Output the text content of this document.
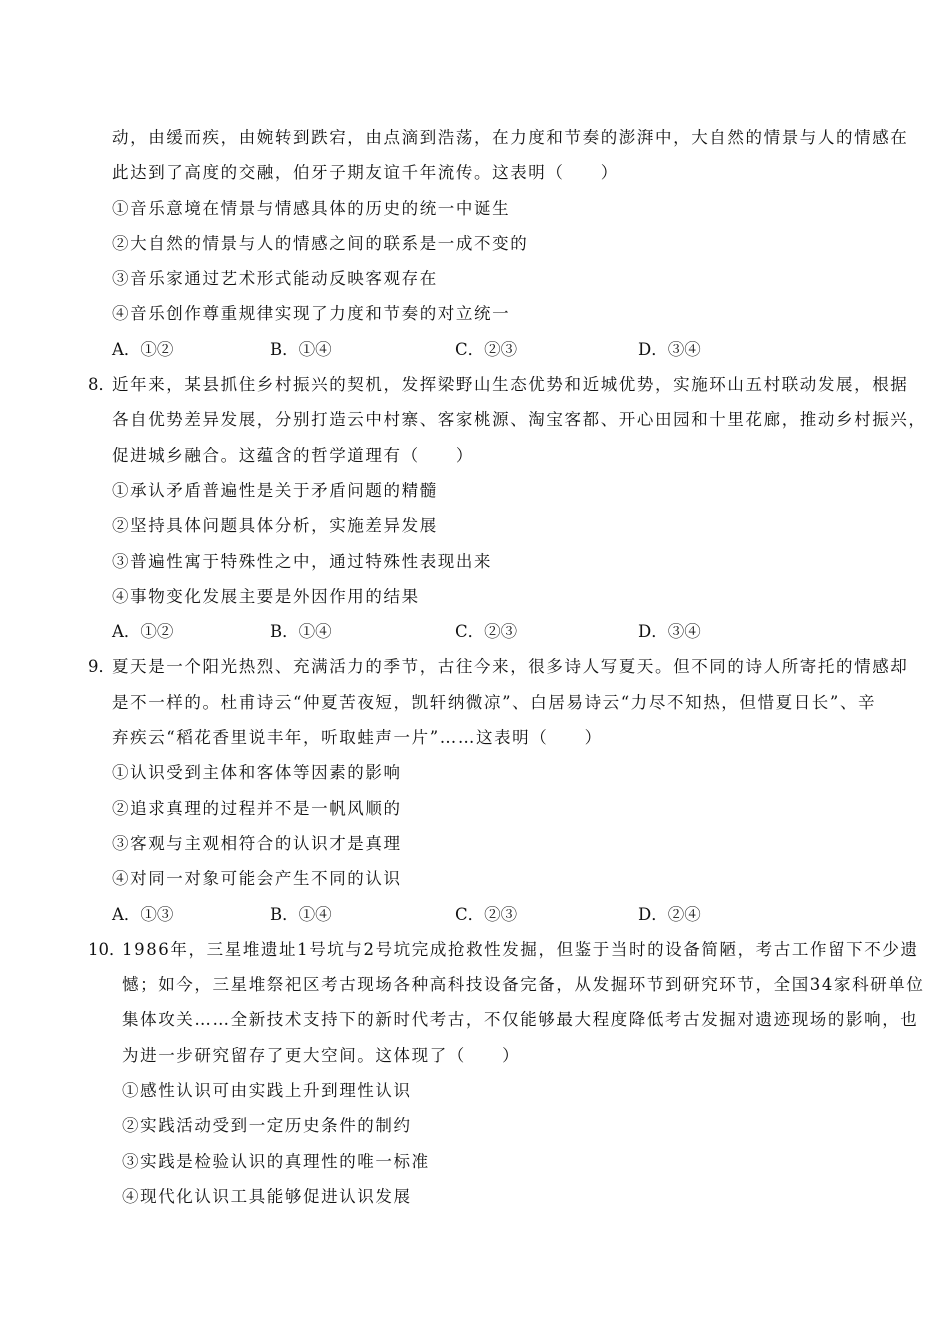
动，由缓而疾，由婉转到跌宕，由点滴到浩荡，在力度和节奏的澎湃中，大自然的情景与人的情感在
此达到了高度的交融，伯牙子期友谊千年流传。这表明（　　）
①音乐意境在情景与情感具体的历史的统一中诞生
②大自然的情景与人的情感之间的联系是一成不变的
③音乐家通过艺术形式能动反映客观存在
④音乐创作尊重规律实现了力度和节奏的对立统一
A．①②	B．①④	C．②③	D．③④
8．
近年来，某县抓住乡村振兴的契机，发挥梁野山生态优势和近城优势，实施环山五村联动发展，根据
各自优势差异发展，分别打造云中村寨、客家桃源、淘宝客都、开心田园和十里花廊，推动乡村振兴，
促进城乡融合。这蕴含的哲学道理有（　　）
①承认矛盾普遍性是关于矛盾问题的精髓
②坚持具体问题具体分析，实施差异发展
③普遍性寓于特殊性之中，通过特殊性表现出来
④事物变化发展主要是外因作用的结果
A．①②	B．①④	C．②③	D．③④
9．
夏天是一个阳光热烈、充满活力的季节，古往今来，很多诗人写夏天。但不同的诗人所寄托的情感却
是不一样的。杜甫诗云“仲夏苦夜短，凯轩纳微凉”、白居易诗云“力尽不知热，但惜夏日长”、辛
弃疾云“稻花香里说丰年，听取蛙声一片”……这表明（　　）
①认识受到主体和客体等因素的影响
②追求真理的过程并不是一帆风顺的
③客观与主观相符合的认识才是真理
④对同一对象可能会产生不同的认识
A．①③	B．①④	C．②③	D．②④
10．
1986年，三星堆遗址1号坑与2号坑完成抢救性发掘，但鉴于当时的设备简陋，考古工作留下不少遗
憾；如今，三星堆祭祀区考古现场各种高科技设备完备，从发掘环节到研究环节，全国34家科研单位
集体攻关……全新技术支持下的新时代考古，不仅能够最大程度降低考古发掘对遗迹现场的影响，也
为进一步研究留存了更大空间。这体现了（　　）
①感性认识可由实践上升到理性认识
②实践活动受到一定历史条件的制约
③实践是检验认识的真理性的唯一标准
④现代化认识工具能够促进认识发展
